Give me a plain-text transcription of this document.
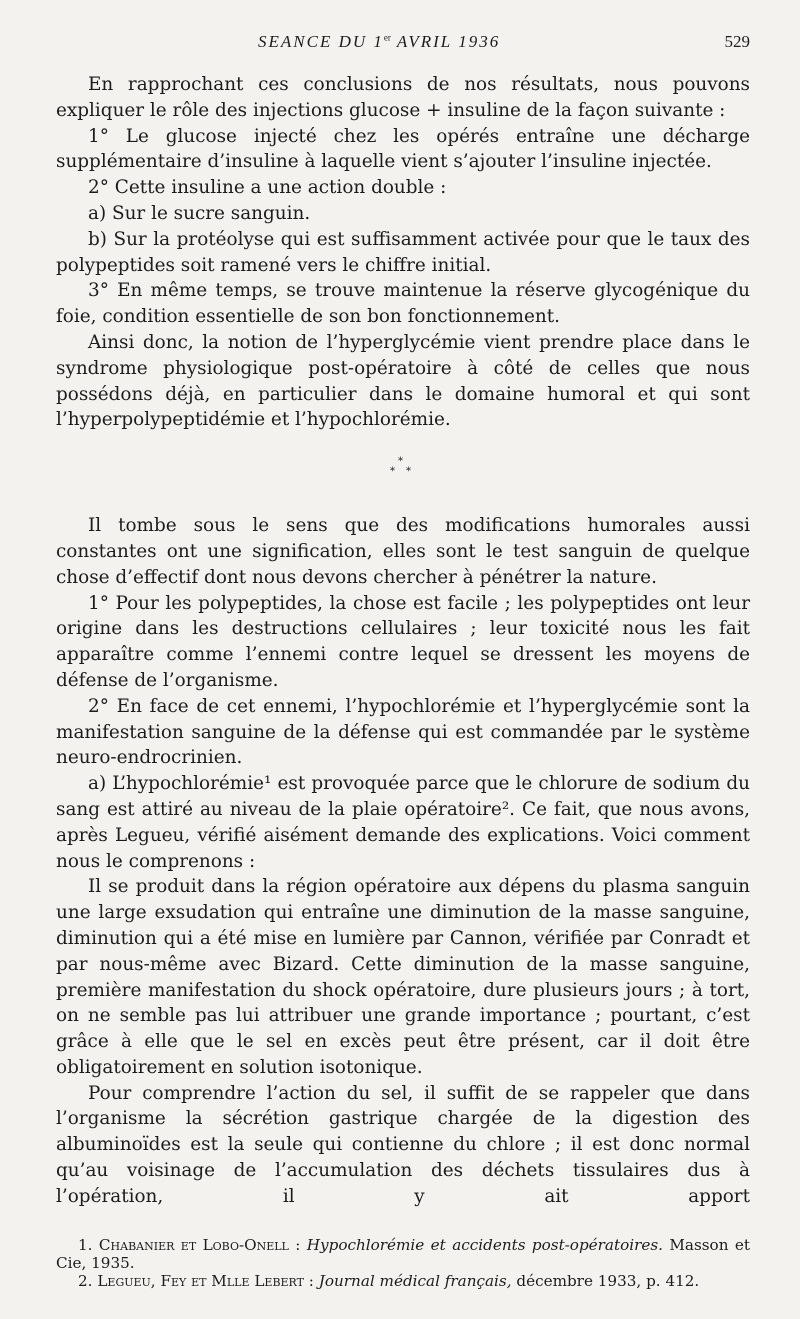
SEANCE DU 1er AVRIL 1936	529

En rapprochant ces conclusions de nos résultats, nous pouvons expliquer le rôle des injections glucose + insuline de la façon suivante :

1° Le glucose injecté chez les opérés entraîne une décharge supplémentaire d’insuline à laquelle vient s’ajouter l’insuline injectée.

2° Cette insuline a une action double :

a) Sur le sucre sanguin.

b) Sur la protéolyse qui est suffisamment activée pour que le taux des polypeptides soit ramené vers le chiffre initial.

3° En même temps, se trouve maintenue la réserve glycogénique du foie, condition essentielle de son bon fonctionnement.

Ainsi donc, la notion de l’hyperglycémie vient prendre place dans le syndrome physiologique post-opératoire à côté de celles que nous possédons déjà, en particulier dans le domaine humoral et qui sont l’hyperpolypeptidémie et l’hypochlorémie.

*
* *

Il tombe sous le sens que des modifications humorales aussi constantes ont une signification, elles sont le test sanguin de quelque chose d’effectif dont nous devons chercher à pénétrer la nature.

1° Pour les polypeptides, la chose est facile ; les polypeptides ont leur origine dans les destructions cellulaires ; leur toxicité nous les fait apparaître comme l’ennemi contre lequel se dressent les moyens de défense de l’organisme.

2° En face de cet ennemi, l’hypochlorémie et l’hyperglycémie sont la manifestation sanguine de la défense qui est commandée par le système neuro-endrocrinien.

a) L’hypochlorémie¹ est provoquée parce que le chlorure de sodium du sang est attiré au niveau de la plaie opératoire². Ce fait, que nous avons, après Legueu, vérifié aisément demande des explications. Voici comment nous le comprenons :

Il se produit dans la région opératoire aux dépens du plasma sanguin une large exsudation qui entraîne une diminution de la masse sanguine, diminution qui a été mise en lumière par Cannon, vérifiée par Conradt et par nous-même avec Bizard. Cette diminution de la masse sanguine, première manifestation du shock opératoire, dure plusieurs jours ; à tort, on ne semble pas lui attribuer une grande importance ; pourtant, c’est grâce à elle que le sel en excès peut être présent, car il doit être obligatoirement en solution isotonique.

Pour comprendre l’action du sel, il suffit de se rappeler que dans l’organisme la sécrétion gastrique chargée de la digestion des albuminoïdes est la seule qui contienne du chlore ; il est donc normal qu’au voisinage de l’accumulation des déchets tissulaires dus à l’opération, il y ait apport

1. Chabanier et Lobo-Onell : Hypochlorémie et accidents post-opératoires. Masson et Cie, 1935.

2. Legueu, Fey et Mlle Lebert : Journal médical français, décembre 1933, p. 412.
